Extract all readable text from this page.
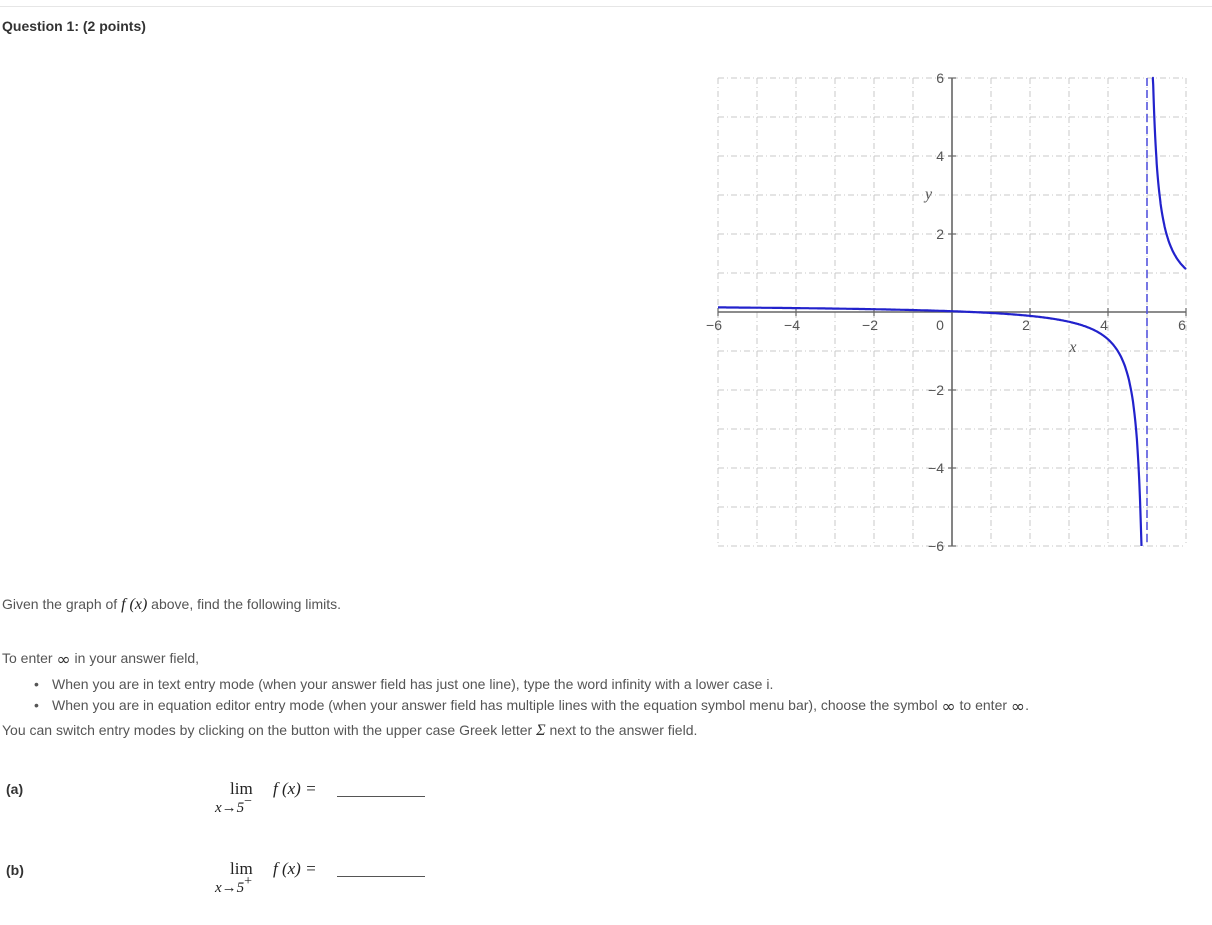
Question 1: (2 points)
−6	−4	−2	0	2	4	6
6
4
2
−2
−4
−6
x
y
Given the graph of f (x) above, find the following limits.
To enter ∞ in your answer field,
• When you are in text entry mode (when your answer field has just one line), type the word infinity with a lower case i.
• When you are in equation editor entry mode (when your answer field has multiple lines with the equation symbol menu bar), choose the symbol ∞ to enter ∞.
You can switch entry modes by clicking on the button with the upper case Greek letter Σ next to the answer field.
(a)	lim
x→5−
f (x) =
(b)	lim
x→5+
f (x) =
